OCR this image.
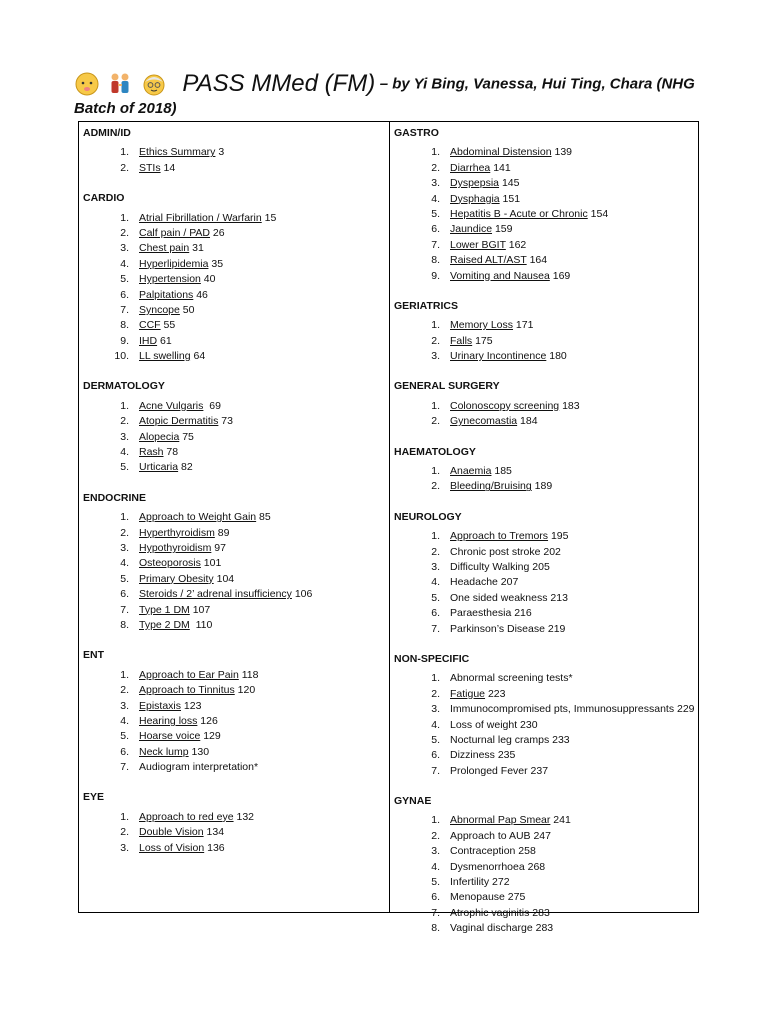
PASS MMed (FM) – by Yi Bing, Vanessa, Hui Ting, Chara (NHG
Batch of 2018)
ADMIN/ID
1. Ethics Summary 3
2. STIs 14
CARDIO
1. Atrial Fibrillation / Warfarin 15
2. Calf pain / PAD 26
3. Chest pain 31
4. Hyperlipidemia 35
5. Hypertension 40
6. Palpitations 46
7. Syncope 50
8. CCF 55
9. IHD 61
10. LL swelling 64
DERMATOLOGY
1. Acne Vulgaris  69
2. Atopic Dermatitis 73
3. Alopecia 75
4. Rash 78
5. Urticaria 82
ENDOCRINE
1. Approach to Weight Gain 85
2. Hyperthyroidism 89
3. Hypothyroidism 97
4. Osteoporosis 101
5. Primary Obesity 104
6. Steroids / 2’ adrenal insufficiency 106
7. Type 1 DM 107
8. Type 2 DM  110
ENT
1. Approach to Ear Pain 118
2. Approach to Tinnitus 120
3. Epistaxis 123
4. Hearing loss 126
5. Hoarse voice 129
6. Neck lump 130
7. Audiogram interpretation*
EYE
1. Approach to red eye 132
2. Double Vision 134
3. Loss of Vision 136
GASTRO
1. Abdominal Distension 139
2. Diarrhea 141
3. Dyspepsia 145
4. Dysphagia 151
5. Hepatitis B - Acute or Chronic 154
6. Jaundice 159
7. Lower BGIT 162
8. Raised ALT/AST 164
9. Vomiting and Nausea 169
GERIATRICS
1. Memory Loss 171
2. Falls 175
3. Urinary Incontinence 180
GENERAL SURGERY
1. Colonoscopy screening 183
2. Gynecomastia 184
HAEMATOLOGY
1. Anaemia 185
2. Bleeding/Bruising 189
NEUROLOGY
1. Approach to Tremors 195
2. Chronic post stroke 202
3. Difficulty Walking 205
4. Headache 207
5. One sided weakness 213
6. Paraesthesia 216
7. Parkinson’s Disease 219
NON-SPECIFIC
1. Abnormal screening tests*
2. Fatigue 223
3. Immunocompromised pts, Immunosuppressants 229
4. Loss of weight 230
5. Nocturnal leg cramps 233
6. Dizziness 235
7. Prolonged Fever 237
GYNAE
1. Abnormal Pap Smear 241
2. Approach to AUB 247
3. Contraception 258
4. Dysmenorrhoea 268
5. Infertility 272
6. Menopause 275
7. Atrophic vaginitis 283
8. Vaginal discharge 283
